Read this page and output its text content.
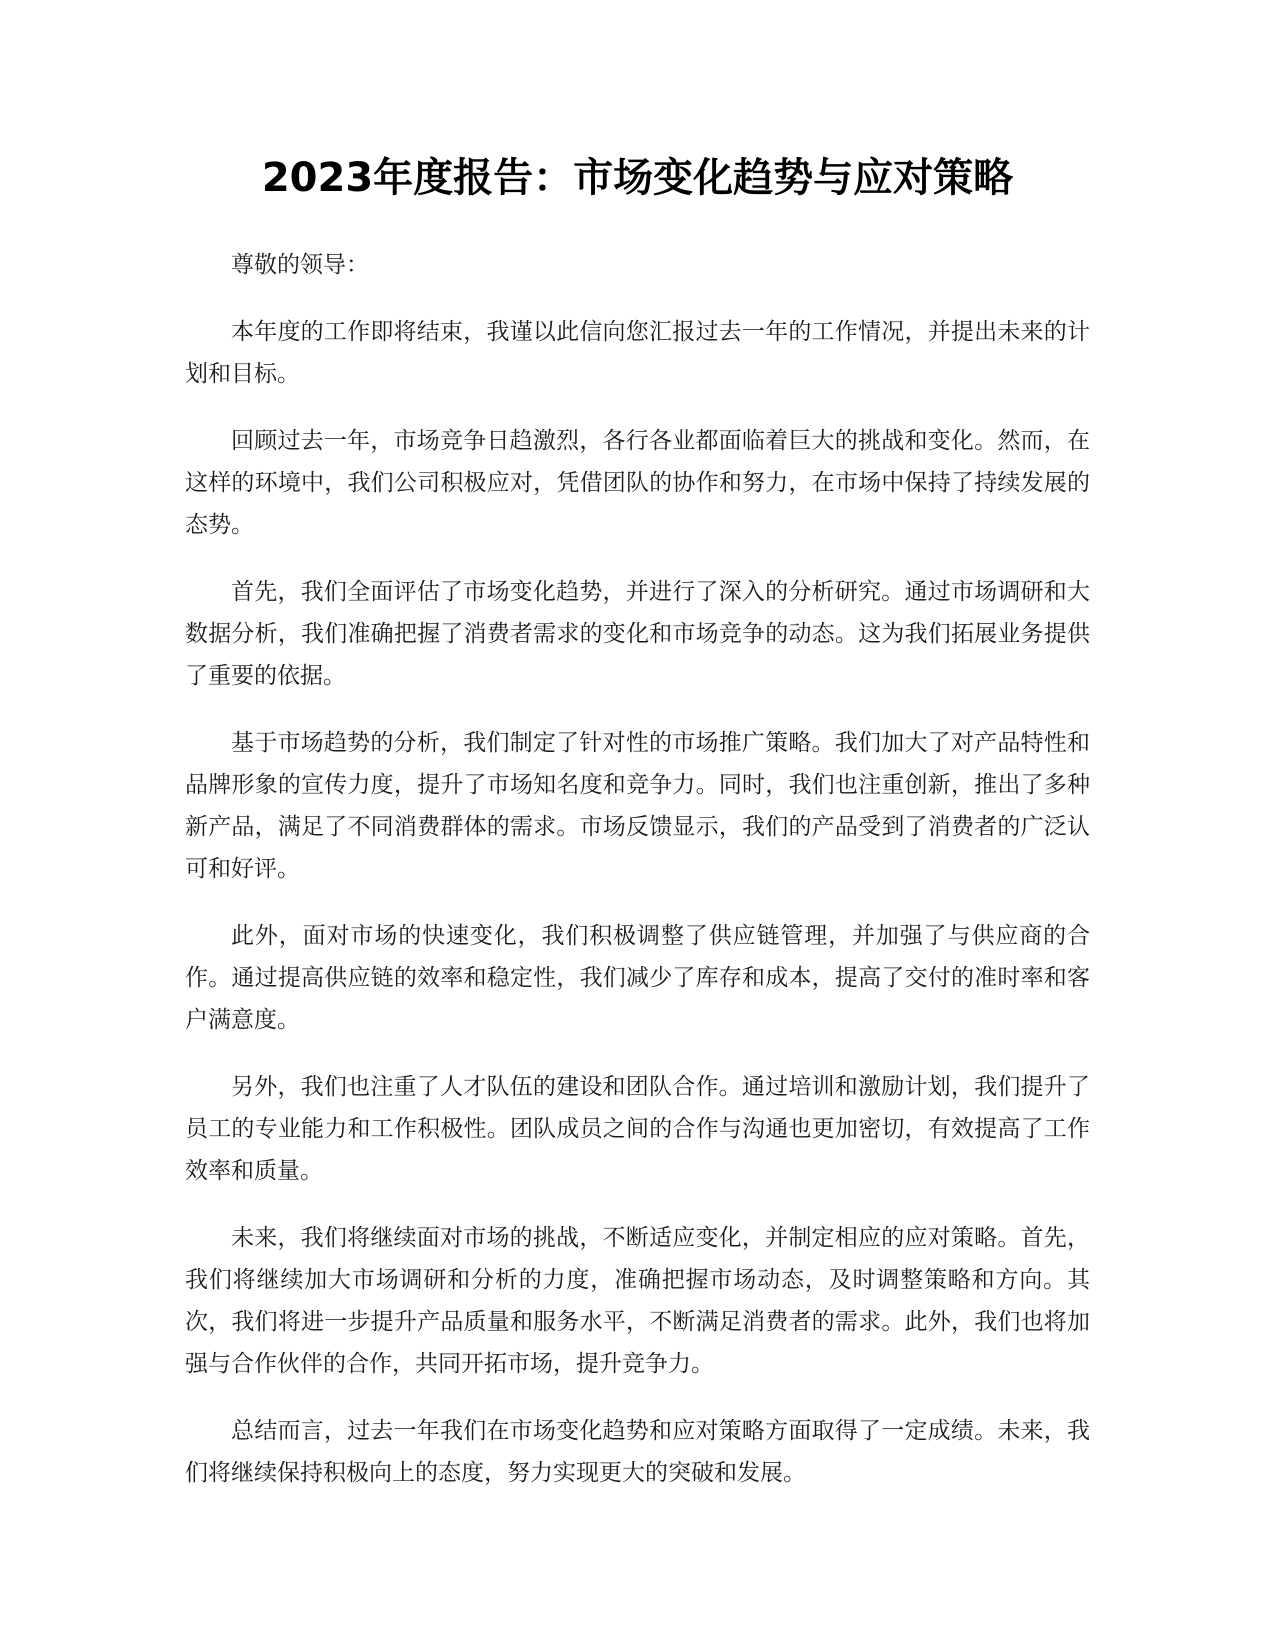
2023年度报告：市场变化趋势与应对策略

尊敬的领导：

本年度的工作即将结束，我谨以此信向您汇报过去一年的工作情况，并提出未来的计划和目标。

回顾过去一年，市场竞争日趋激烈，各行各业都面临着巨大的挑战和变化。然而，在这样的环境中，我们公司积极应对，凭借团队的协作和努力，在市场中保持了持续发展的态势。

首先，我们全面评估了市场变化趋势，并进行了深入的分析研究。通过市场调研和大数据分析，我们准确把握了消费者需求的变化和市场竞争的动态。这为我们拓展业务提供了重要的依据。

基于市场趋势的分析，我们制定了针对性的市场推广策略。我们加大了对产品特性和品牌形象的宣传力度，提升了市场知名度和竞争力。同时，我们也注重创新，推出了多种新产品，满足了不同消费群体的需求。市场反馈显示，我们的产品受到了消费者的广泛认可和好评。

此外，面对市场的快速变化，我们积极调整了供应链管理，并加强了与供应商的合作。通过提高供应链的效率和稳定性，我们减少了库存和成本，提高了交付的准时率和客户满意度。

另外，我们也注重了人才队伍的建设和团队合作。通过培训和激励计划，我们提升了员工的专业能力和工作积极性。团队成员之间的合作与沟通也更加密切，有效提高了工作效率和质量。

未来，我们将继续面对市场的挑战，不断适应变化，并制定相应的应对策略。首先，我们将继续加大市场调研和分析的力度，准确把握市场动态，及时调整策略和方向。其次，我们将进一步提升产品质量和服务水平，不断满足消费者的需求。此外，我们也将加强与合作伙伴的合作，共同开拓市场，提升竞争力。

总结而言，过去一年我们在市场变化趋势和应对策略方面取得了一定成绩。未来，我们将继续保持积极向上的态度，努力实现更大的突破和发展。
